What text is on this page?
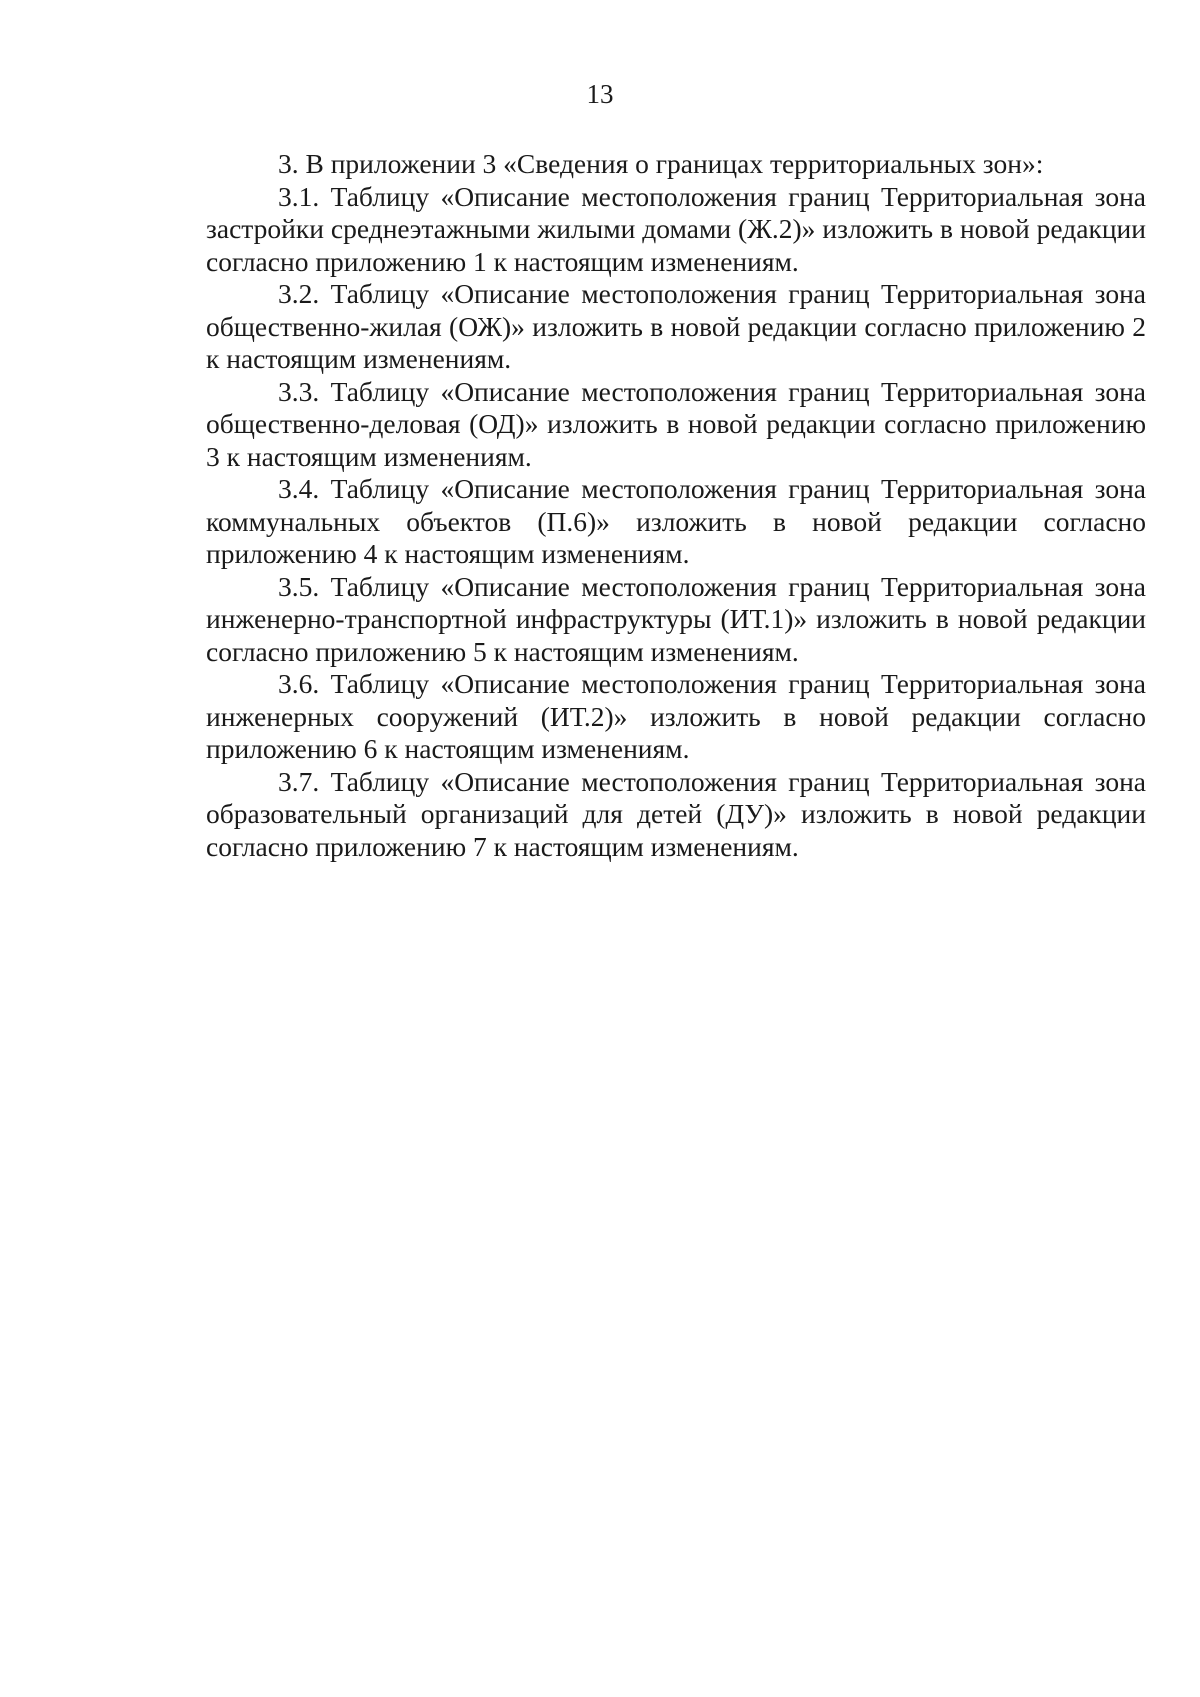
13

3. В приложении 3 «Сведения о границах территориальных зон»:

3.1. Таблицу «Описание местоположения границ Территориальная зона застройки среднеэтажными жилыми домами (Ж.2)» изложить в новой редакции согласно приложению 1 к настоящим изменениям.

3.2. Таблицу «Описание местоположения границ Территориальная зона общественно-жилая (ОЖ)» изложить в новой редакции согласно приложению 2 к настоящим изменениям.

3.3. Таблицу «Описание местоположения границ Территориальная зона общественно-деловая (ОД)» изложить в новой редакции согласно приложению 3 к настоящим изменениям.

3.4. Таблицу «Описание местоположения границ Территориальная зона коммунальных объектов (П.6)» изложить в новой редакции согласно приложению 4 к настоящим изменениям.

3.5. Таблицу «Описание местоположения границ Территориальная зона инженерно-транспортной инфраструктуры (ИТ.1)» изложить в новой редакции согласно приложению 5 к настоящим изменениям.

3.6. Таблицу «Описание местоположения границ Территориальная зона инженерных сооружений (ИТ.2)» изложить в новой редакции согласно приложению 6 к настоящим изменениям.

3.7. Таблицу «Описание местоположения границ Территориальная зона образовательный организаций для детей (ДУ)» изложить в новой редакции согласно приложению 7 к настоящим изменениям.
